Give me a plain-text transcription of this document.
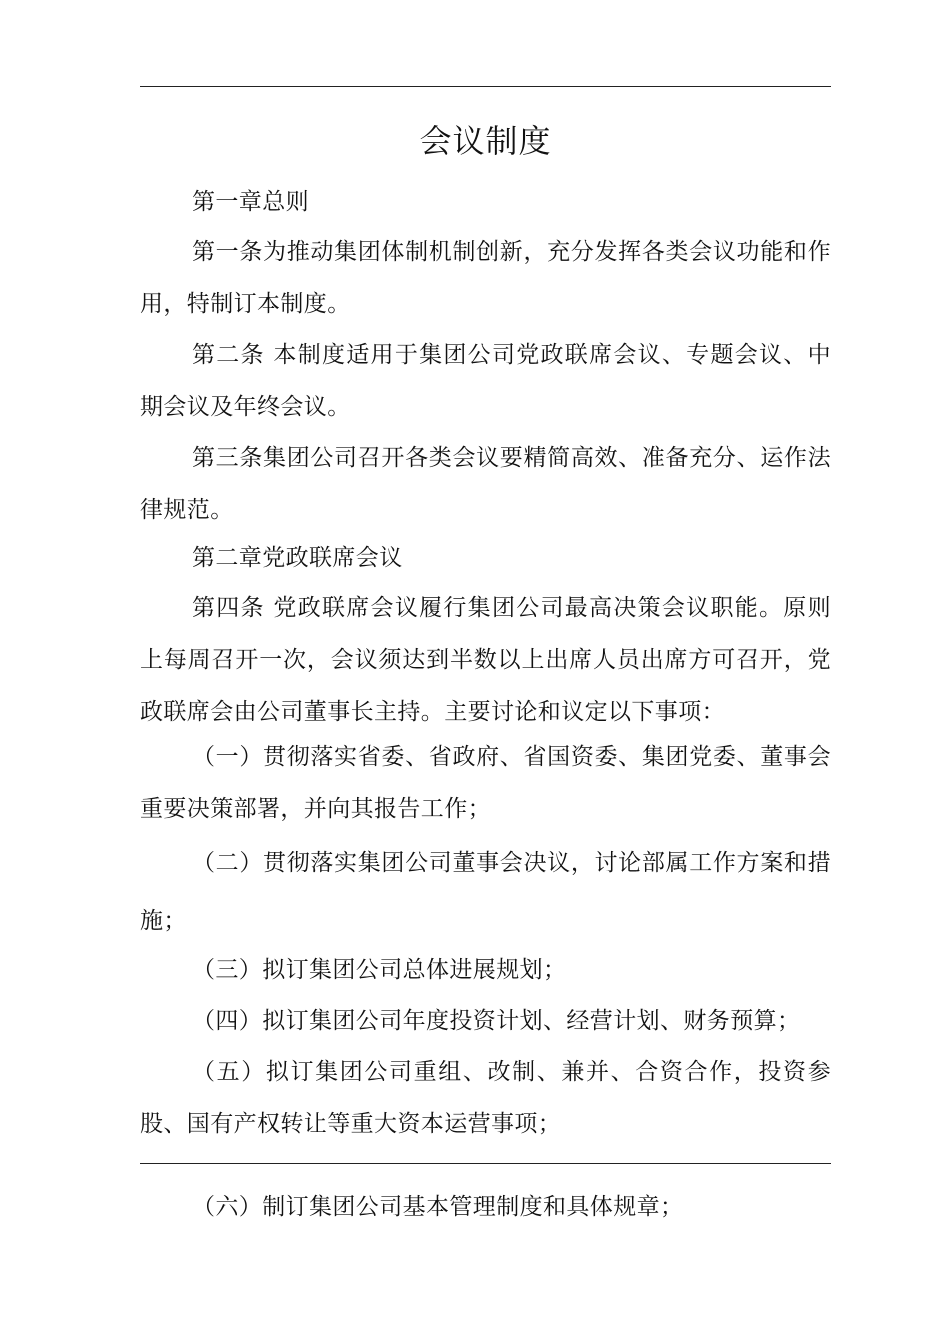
会议制度

第一章总则

第一条为推动集团体制机制创新，充分发挥各类会议功能和作用，特制订本制度。

第二条 本制度适用于集团公司党政联席会议、专题会议、中期会议及年终会议。

第三条集团公司召开各类会议要精简高效、准备充分、运作法律规范。

第二章党政联席会议

第四条 党政联席会议履行集团公司最高决策会议职能。原则上每周召开一次，会议须达到半数以上出席人员出席方可召开，党政联席会由公司董事长主持。主要讨论和议定以下事项：

（一）贯彻落实省委、省政府、省国资委、集团党委、董事会重要决策部署，并向其报告工作；

（二）贯彻落实集团公司董事会决议，讨论部属工作方案和措施；

（三）拟订集团公司总体进展规划；

（四）拟订集团公司年度投资计划、经营计划、财务预算；

（五）拟订集团公司重组、改制、兼并、合资合作，投资参股、国有产权转让等重大资本运营事项；

（六）制订集团公司基本管理制度和具体规章；
